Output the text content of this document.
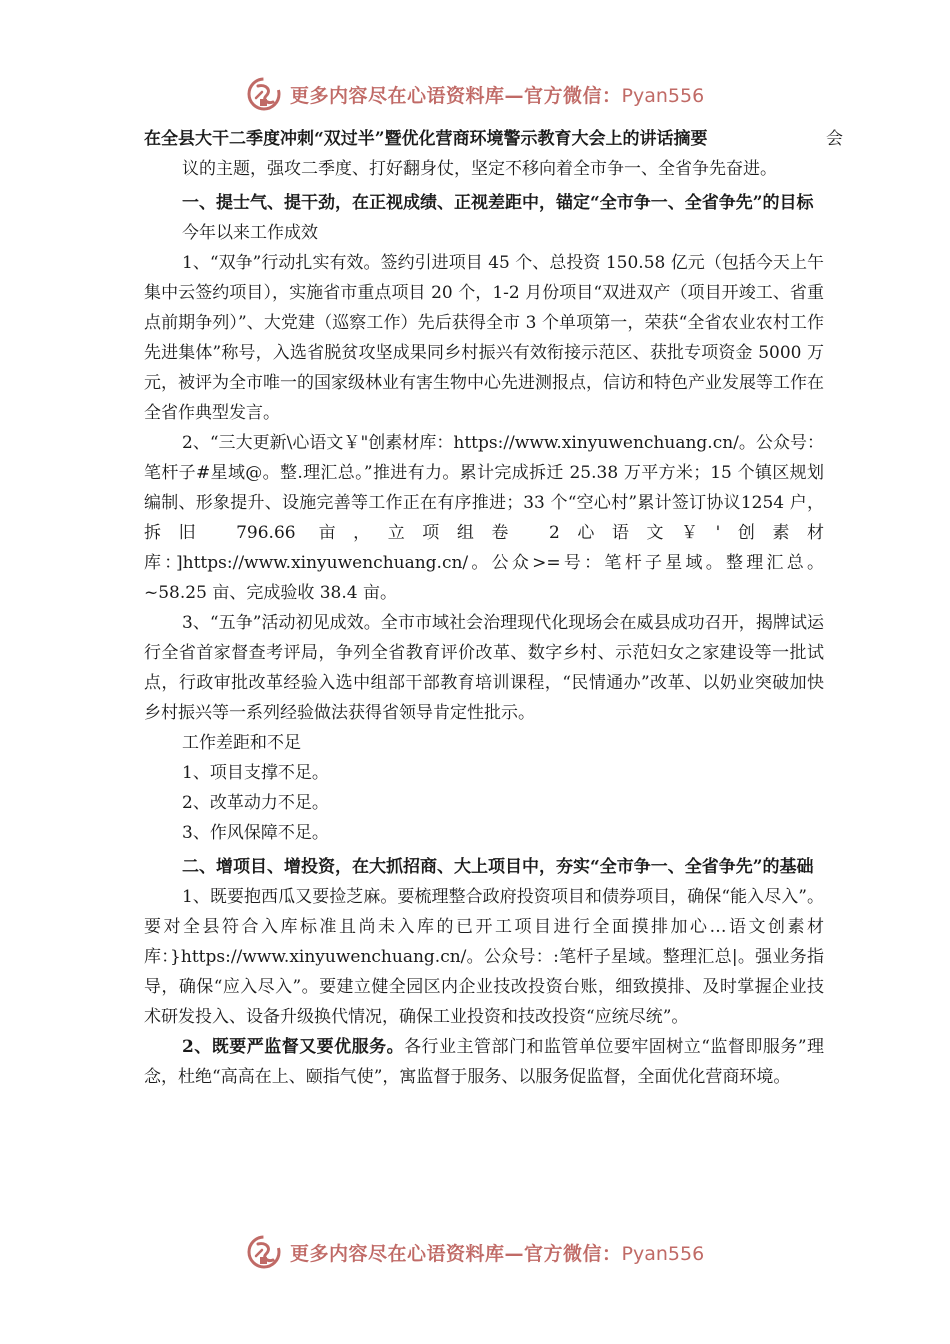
更多内容尽在心语资料库—官方微信：Pyan556

在全县大干二季度冲刺“双过半”暨优化营商环境警示教育大会上的讲话摘要	会

议的主题，强攻二季度、打好翻身仗，坚定不移向着全市争一、全省争先奋进。

一、提士气、提干劲，在正视成绩、正视差距中，锚定“全市争一、全省争先”的目标

今年以来工作成效

1、“双争”行动扎实有效。签约引进项目 45 个、总投资 150.58 亿元（包括今天上午集中云签约项目），实施省市重点项目 20 个，1-2 月份项目“双进双产（项目开竣工、省重点前期争列）”、大党建（巡察工作）先后获得全市 3 个单项第一，荣获“全省农业农村工作先进集体”称号，入选省脱贫攻坚成果同乡村振兴有效衔接示范区、获批专项资金 5000 万元，被评为全市唯一的国家级林业有害生物中心先进测报点，信访和特色产业发展等工作在全省作典型发言。

2、“三大更新\心语文￥"创素材库：https://www.xinyuwenchuang.cn/。公众号：笔杆子#星域@。整.理汇总。”推进有力。累计完成拆迁 25.38 万平方米；15 个镇区规划编制、形象提升、设施完善等工作正在有序推进；33 个“空心村”累计签订协议1254 户，拆旧 796.66 亩，立项组卷 2心语文￥'创素材库：]https://www.xinyuwenchuang.cn/。公众>=号：笔杆子星域。整理汇总。~58.25 亩、完成验收 38.4 亩。

3、“五争”活动初见成效。全市市域社会治理现代化现场会在威县成功召开，揭牌试运行全省首家督查考评局，争列全省教育评价改革、数字乡村、示范妇女之家建设等一批试点，行政审批改革经验入选中组部干部教育培训课程，“民情通办”改革、以奶业突破加快乡村振兴等一系列经验做法获得省领导肯定性批示。

工作差距和不足

1、项目支撑不足。

2、改革动力不足。

3、作风保障不足。

二、增项目、增投资，在大抓招商、大上项目中，夯实“全市争一、全省争先”的基础

1、既要抱西瓜又要捡芝麻。要梳理整合政府投资项目和债券项目，确保“能入尽入”。要对全县符合入库标准且尚未入库的已开工项目进行全面摸排加心…语文创素材库：}https://www.xinyuwenchuang.cn/。公众号：:笔杆子星域。整理汇总|。强业务指导，确保“应入尽入”。要建立健全园区内企业技改投资台账，细致摸排、及时掌握企业技术研发投入、设备升级换代情况，确保工业投资和技改投资“应统尽统”。

2、既要严监督又要优服务。各行业主管部门和监管单位要牢固树立“监督即服务”理念，杜绝“高高在上、颐指气使”，寓监督于服务、以服务促监督，全面优化营商环境。

更多内容尽在心语资料库—官方微信：Pyan556
